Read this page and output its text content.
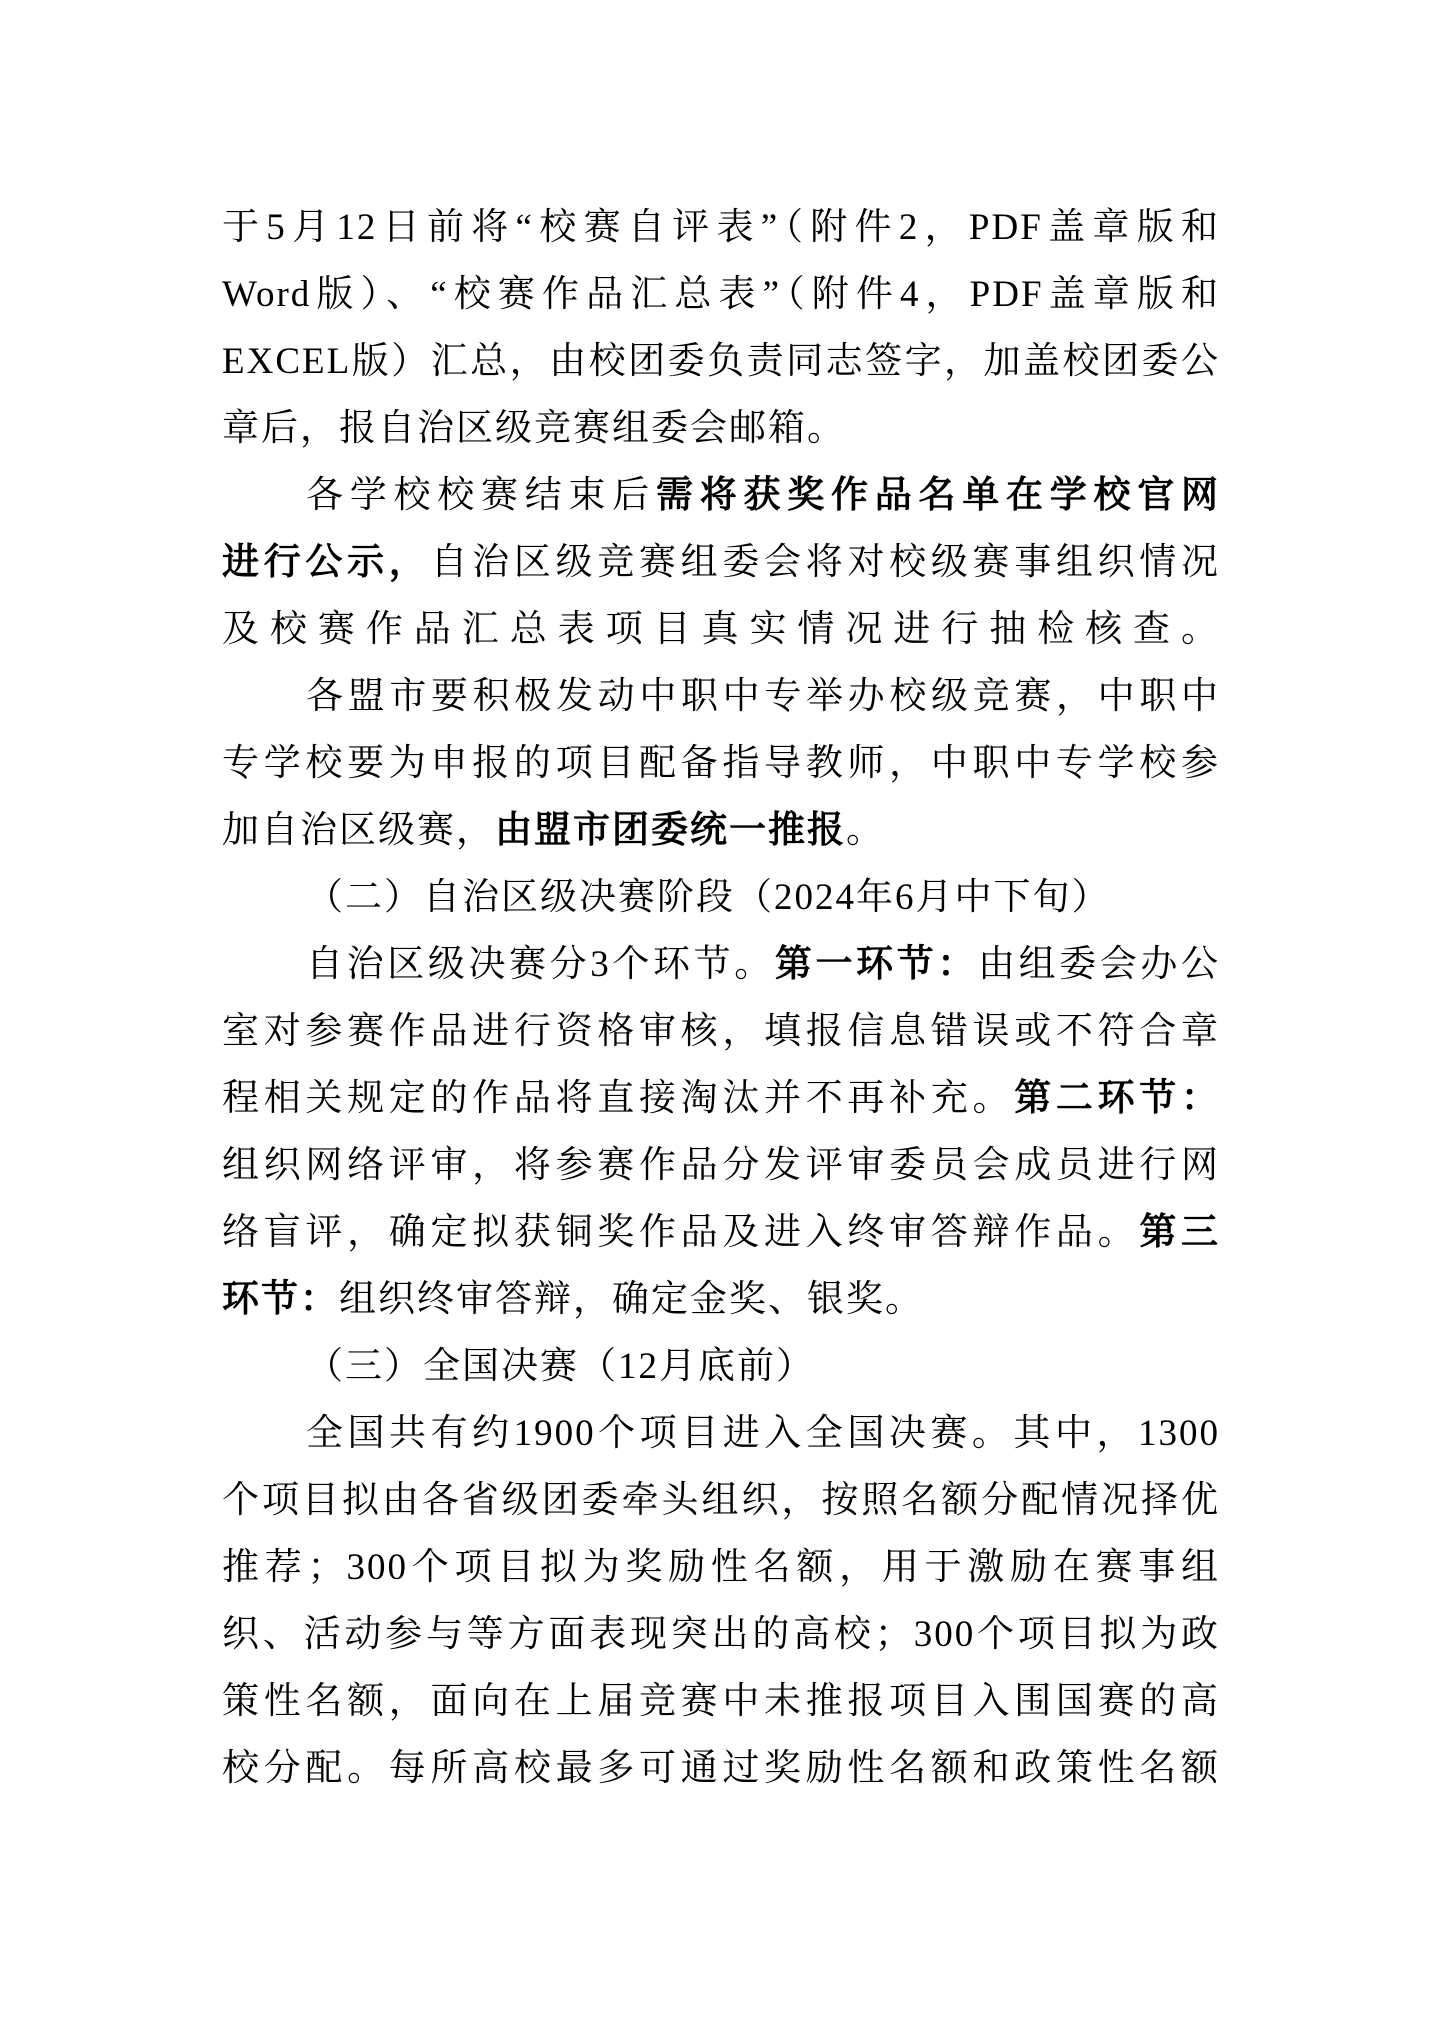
于5月12日前将“校赛自评表”（附件2，PDF盖章版和
Word版）、“校赛作品汇总表”（附件4，PDF盖章版和
EXCEL版）汇总，由校团委负责同志签字，加盖校团委公
章后，报自治区级竞赛组委会邮箱。
各学校校赛结束后需将获奖作品名单在学校官网
进行公示，自治区级竞赛组委会将对校级赛事组织情况
及校赛作品汇总表项目真实情况进行抽检核查。
各盟市要积极发动中职中专举办校级竞赛，中职中
专学校要为申报的项目配备指导教师，中职中专学校参
加自治区级赛，由盟市团委统一推报。
（二）自治区级决赛阶段（2024年6月中下旬）
自治区级决赛分3个环节。第一环节：由组委会办公
室对参赛作品进行资格审核，填报信息错误或不符合章
程相关规定的作品将直接淘汰并不再补充。第二环节：
组织网络评审，将参赛作品分发评审委员会成员进行网
络盲评，确定拟获铜奖作品及进入终审答辩作品。第三
环节：组织终审答辩，确定金奖、银奖。
（三）全国决赛（12月底前）
全国共有约1900个项目进入全国决赛。其中，1300
个项目拟由各省级团委牵头组织，按照名额分配情况择优
推荐；300个项目拟为奖励性名额，用于激励在赛事组
织、活动参与等方面表现突出的高校；300个项目拟为政
策性名额，面向在上届竞赛中未推报项目入围国赛的高
校分配。每所高校最多可通过奖励性名额和政策性名额
